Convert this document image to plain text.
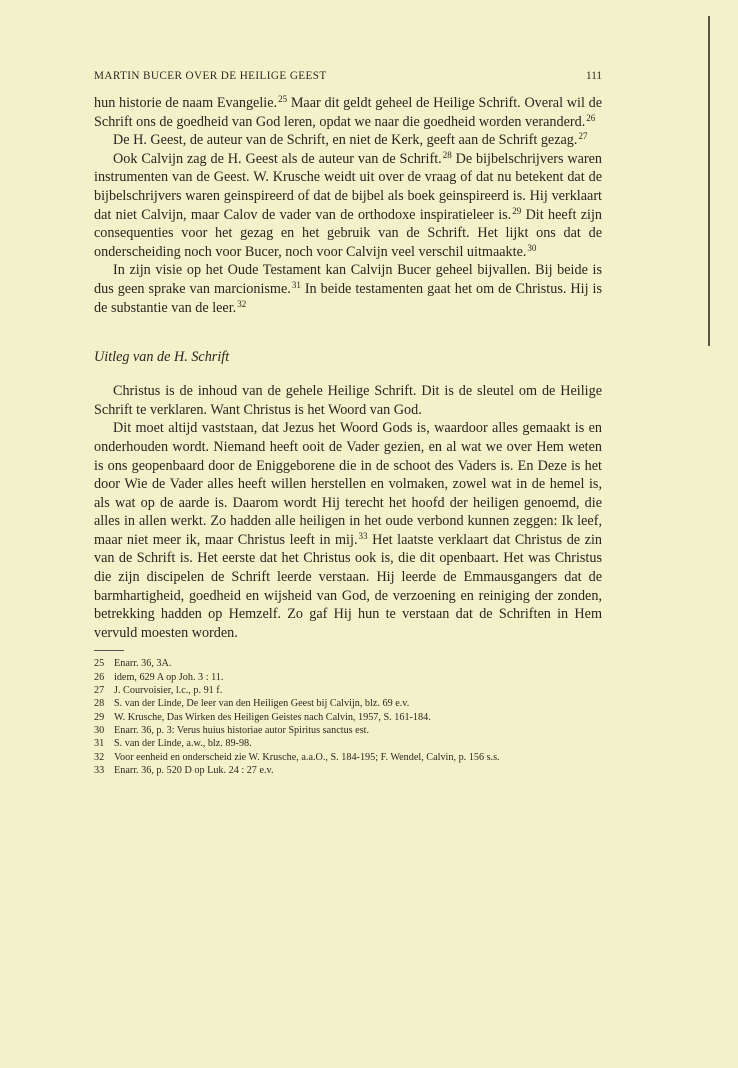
MARTIN BUCER OVER DE HEILIGE GEEST	111

hun historie de naam Evangelie.$^{25}$ Maar dit geldt geheel de Heilige Schrift. Overal wil de Schrift ons de goedheid van God leren, opdat we naar die goedheid worden veranderd.$^{26}$

De H. Geest, de auteur van de Schrift, en niet de Kerk, geeft aan de Schrift gezag.$^{27}$

Ook Calvijn zag de H. Geest als de auteur van de Schrift.$^{28}$ De bijbelschrijvers waren instrumenten van de Geest. W. Krusche weidt uit over de vraag of dat nu betekent dat de bijbelschrijvers waren geinspireerd of dat de bijbel als boek geinspireerd is. Hij verklaart dat niet Calvijn, maar Calov de vader van de orthodoxe inspiratieleer is.$^{29}$ Dit heeft zijn consequenties voor het gezag en het gebruik van de Schrift. Het lijkt ons dat de onderscheiding noch voor Bucer, noch voor Calvijn veel verschil uitmaakte.$^{30}$

In zijn visie op het Oude Testament kan Calvijn Bucer geheel bijvallen. Bij beide is dus geen sprake van marcionisme.$^{31}$ In beide testamenten gaat het om de Christus. Hij is de substantie van de leer.$^{32}$

Uitleg van de H. Schrift

Christus is de inhoud van de gehele Heilige Schrift. Dit is de sleutel om de Heilige Schrift te verklaren. Want Christus is het Woord van God.

Dit moet altijd vaststaan, dat Jezus het Woord Gods is, waardoor alles gemaakt is en onderhouden wordt. Niemand heeft ooit de Vader gezien, en al wat we over Hem weten is ons geopenbaard door de Eniggeborene die in de schoot des Vaders is. En Deze is het door Wie de Vader alles heeft willen herstellen en volmaken, zowel wat in de hemel is, als wat op de aarde is. Daarom wordt Hij terecht het hoofd der heiligen genoemd, die alles in allen werkt. Zo hadden alle heiligen in het oude verbond kunnen zeggen: Ik leef, maar niet meer ik, maar Christus leeft in mij.$^{33}$ Het laatste verklaart dat Christus de zin van de Schrift is. Het eerste dat het Christus ook is, die dit openbaart. Het was Christus die zijn discipelen de Schrift leerde verstaan. Hij leerde de Emmausgangers dat de barmhartigheid, goedheid en wijsheid van God, de verzoening en reiniging der zonden, betrekking hadden op Hemzelf. Zo gaf Hij hun te verstaan dat de Schriften in Hem vervuld moesten worden.

25 Enarr. 36, 3A.
26 idem, 629 A op Joh. 3 : 11.
27 J. Courvoisier, l.c., p. 91 f.
28 S. van der Linde, De leer van den Heiligen Geest bij Calvijn, blz. 69 e.v.
29 W. Krusche, Das Wirken des Heiligen Geistes nach Calvin, 1957, S. 161-184.
30 Enarr. 36, p. 3: Verus huius historiae autor Spiritus sanctus est.
31 S. van der Linde, a.w., blz. 89-98.
32 Voor eenheid en onderscheid zie W. Krusche, a.a.O., S. 184-195; F. Wendel, Calvin, p. 156 s.s.
33 Enarr. 36, p. 520 D op Luk. 24 : 27 e.v.
